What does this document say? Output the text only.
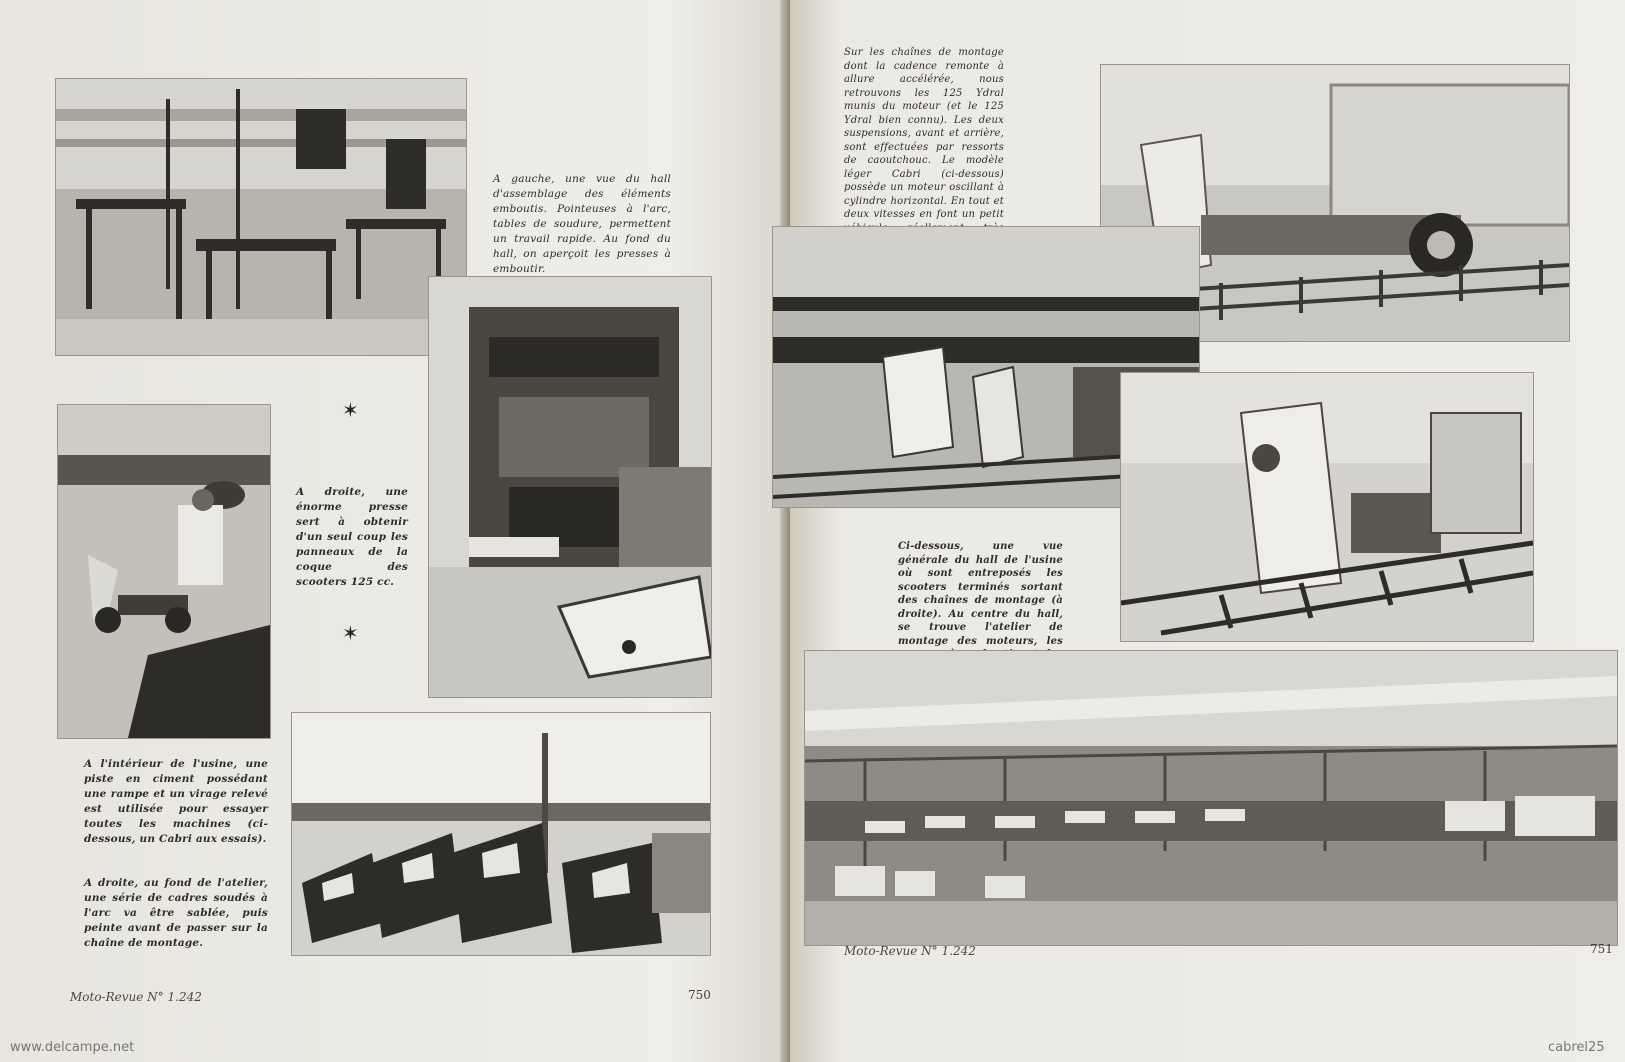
A gauche, une vue du hall d'assemblage des éléments emboutis. Pointeuses à l'arc, tables de soudure, permettent un travail rapide. Au fond du hall, on aperçoit les presses à emboutir.
✶
A droite, une énorme presse sert à obtenir d'un seul coup les panneaux de la coque des scooters 125 cc.
✶
A l'intérieur de l'usine, une piste en ciment possédant une rampe et un virage relevé est utilisée pour essayer toutes les machines (ci-dessous, un Cabri aux essais).
A droite, au fond de l'atelier, une série de cadres soudés à l'arc va être sablée, puis peinte avant de passer sur la chaîne de montage.
Moto-Revue N° 1.242	750
Sur les chaînes de montage dont la cadence remonte à allure accélérée, nous retrouvons les 125 Ydral munis du moteur (et le 125 Ydral bien connu). Les deux suspensions, avant et arrière, sont effectuées par ressorts de caoutchouc. Le modèle léger Cabri (ci-dessous) possède un moteur oscillant à cylindre horizontal. En tout et deux vitesses en font un petit
Ci-dessous, une vue générale du hall de l'usine où sont entreposés les scooters terminés sortant des chaînes de montage (à droite). Au centre du hall, se trouve l'atelier de montage des moteurs, les
Moto-Revue N° 1.242	751
www.delcampe.net	cabrel25
